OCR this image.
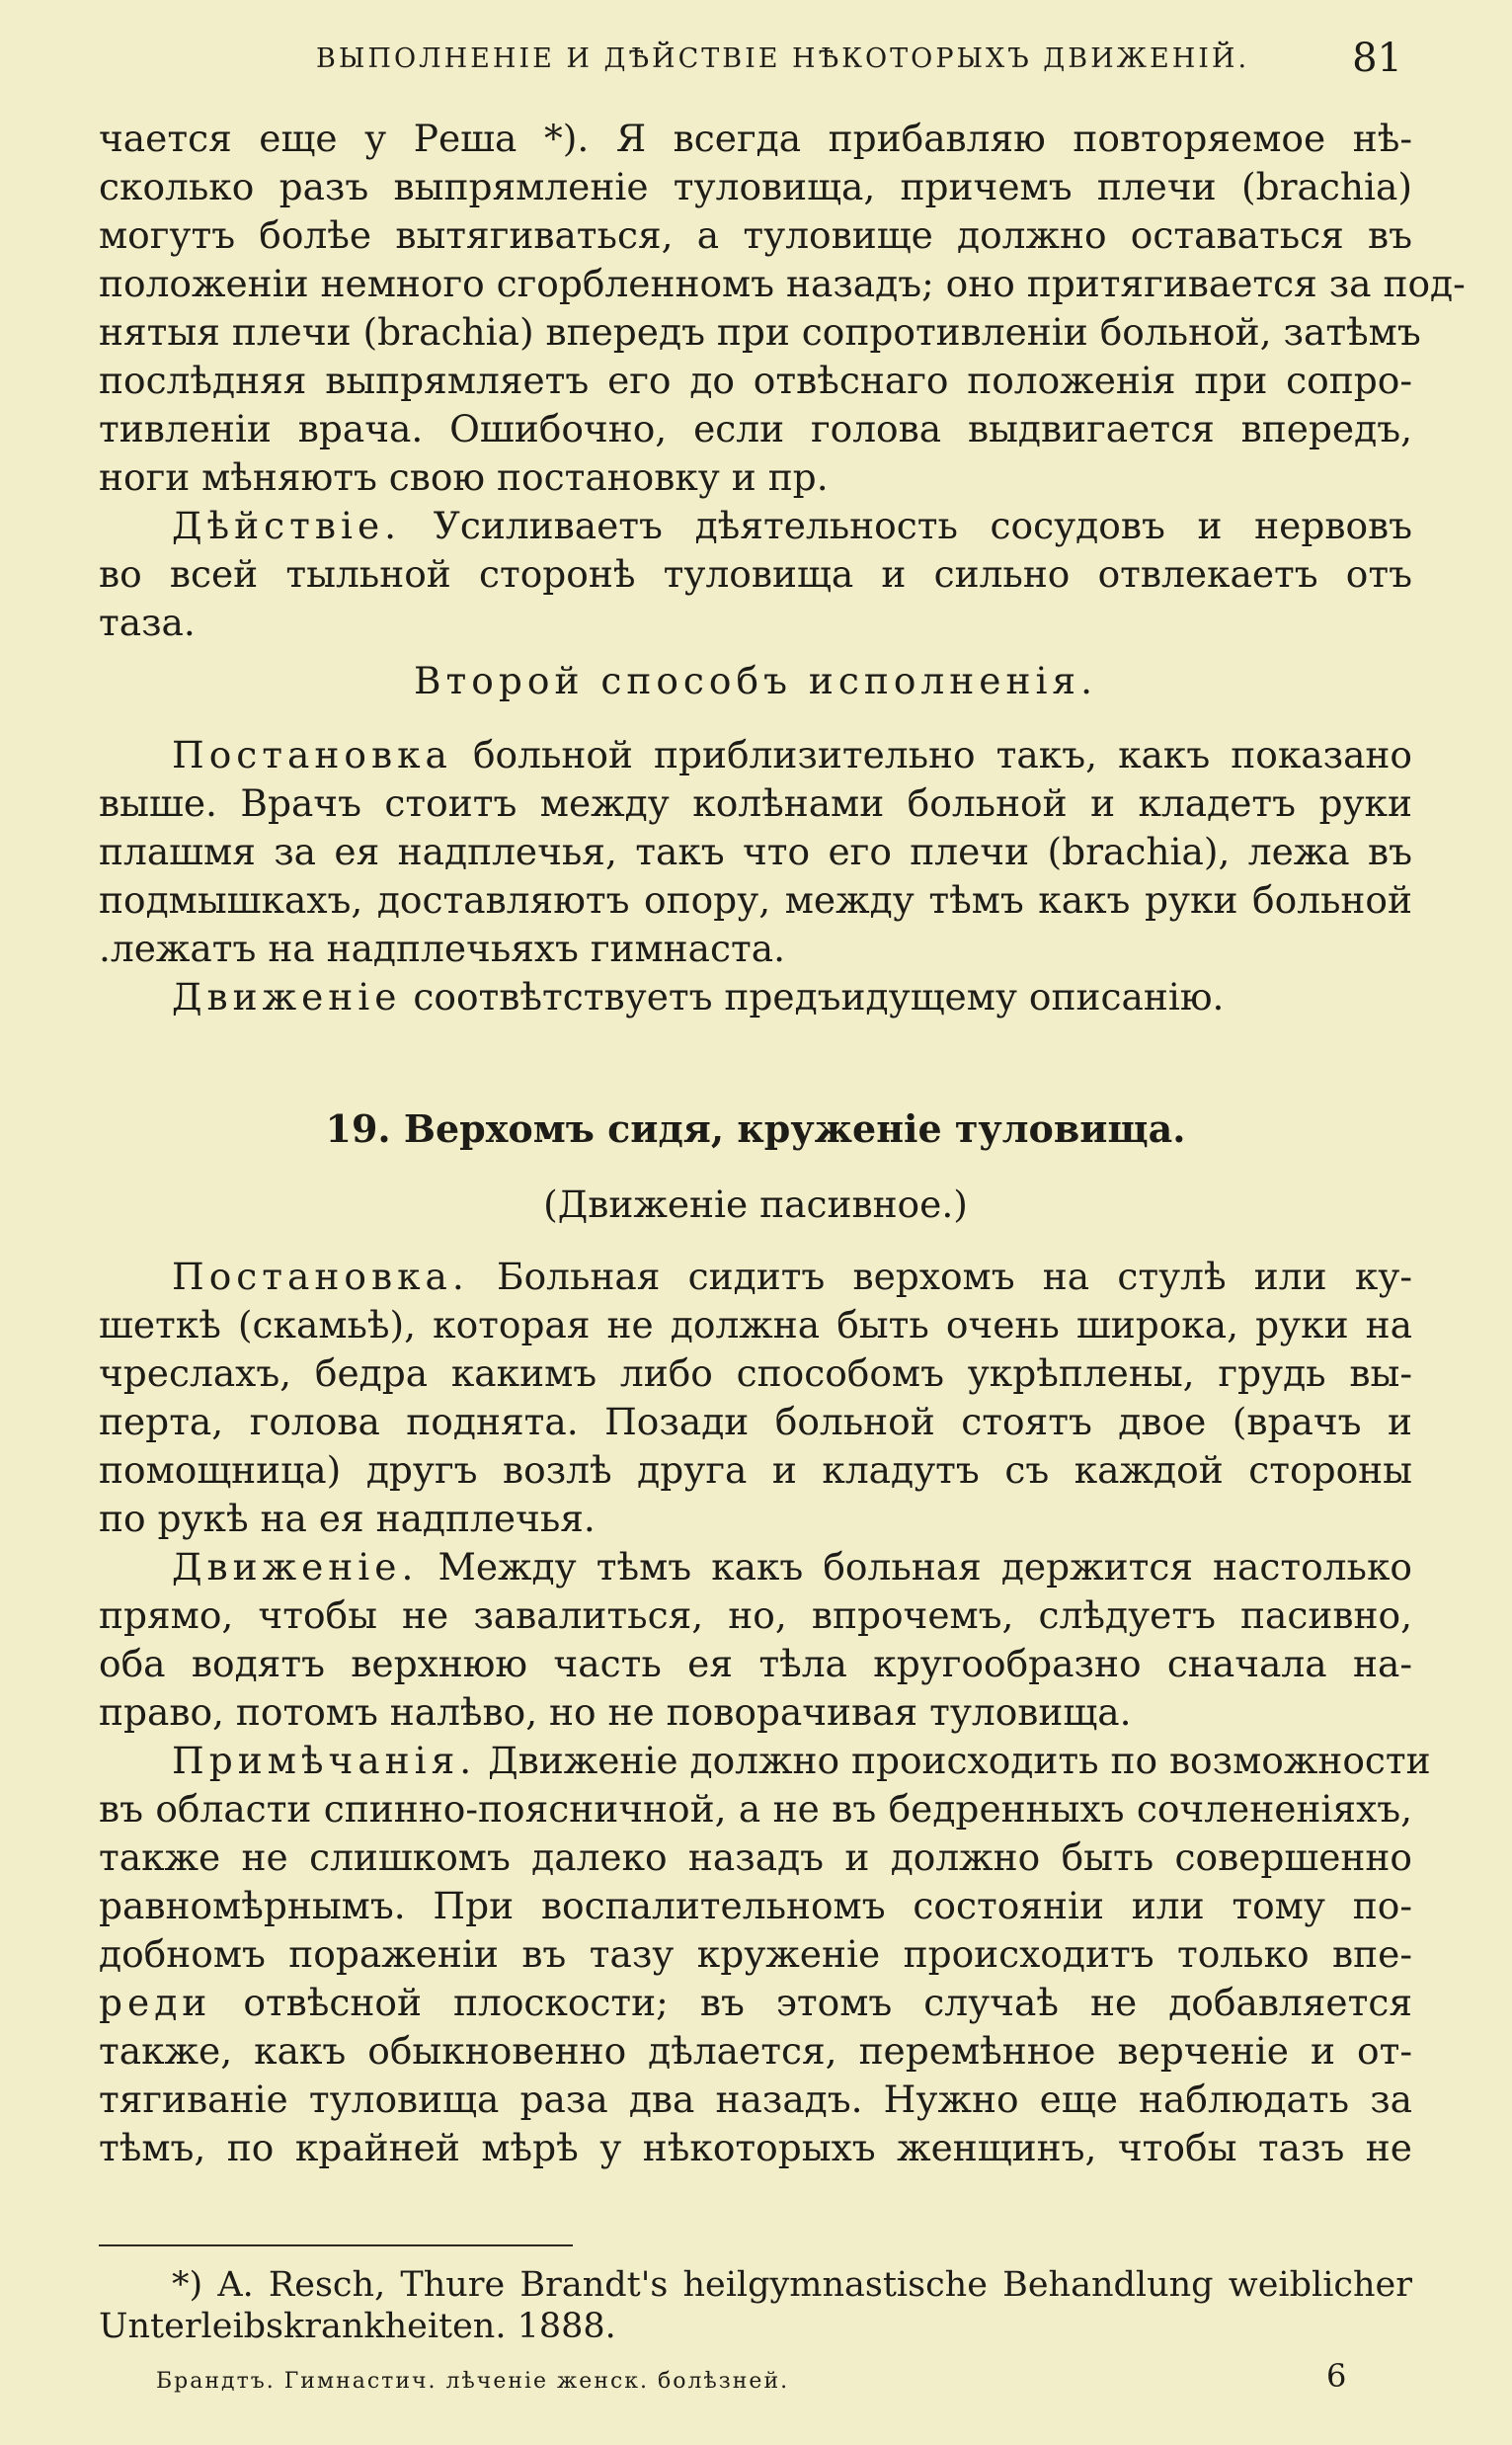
ВЫПОЛНЕНІЕ И ДѢЙСТВІЕ НѢКОТОРЫХЪ ДВИЖЕНІЙ.	81
чается еще у Реша *). Я всегда прибавляю повторяемое нѣ-
сколько разъ выпрямленіе туловища, причемъ плечи (brachia)
могутъ болѣе вытягиваться, а туловище должно оставаться въ
положеніи немного сгорбленномъ назадъ; оно притягивается за под-
нятыя плечи (brachia) впередъ при сопротивленіи больной, затѣмъ
послѣдняя выпрямляетъ его до отвѣснаго положенія при сопро-
тивленіи врача. Ошибочно, если голова выдвигается впередъ,
ноги мѣняютъ свою постановку и пр.
Дѣйствіе. Усиливаетъ дѣятельность сосудовъ и нервовъ
во всей тыльной сторонѣ туловища и сильно отвлекаетъ отъ
таза.
Второй способъ исполненія.
Постановка больной приблизительно такъ, какъ показано
выше. Врачъ стоитъ между колѣнами больной и кладетъ руки
плашмя за ея надплечья, такъ что его плечи (brachia), лежа въ
подмышкахъ, доставляютъ опору, между тѣмъ какъ руки больной
.лежатъ на надплечьяхъ гимнаста.
Движеніе соотвѣтствуетъ предъидущему описанію.
19. Верхомъ сидя, круженіе туловища.
(Движеніе пасивное.)
Постановка. Больная сидитъ верхомъ на стулѣ или ку-
шеткѣ (скамьѣ), которая не должна быть очень широка, руки на
чреслахъ, бедра какимъ либо способомъ укрѣплены, грудь вы-
перта, голова поднята. Позади больной стоятъ двое (врачъ и
помощница) другъ возлѣ друга и кладутъ съ каждой стороны
по рукѣ на ея надплечья.
Движеніе. Между тѣмъ какъ больная держится настолько
прямо, чтобы не завалиться, но, впрочемъ, слѣдуетъ пасивно,
оба водятъ верхнюю часть ея тѣла кругообразно сначала на-
право, потомъ налѣво, но не поворачивая туловища.
Примѣчанія. Движеніе должно происходить по возможности
въ области спинно-поясничной, а не въ бедренныхъ сочлененіяхъ,
также не слишкомъ далеко назадъ и должно быть совершенно
равномѣрнымъ. При воспалительномъ состояніи или тому по-
добномъ пораженіи въ тазу круженіе происходитъ только впе-
реди отвѣсной плоскости; въ этомъ случаѣ не добавляется
также, какъ обыкновенно дѣлается, перемѣнное верченіе и от-
тягиваніе туловища раза два назадъ. Нужно еще наблюдать за
тѣмъ, по крайней мѣрѣ у нѣкоторыхъ женщинъ, чтобы тазъ не
*) A. Resch, Thure Brandt's heilgymnastische Behandlung weiblicher
Unterleibskrankheiten. 1888.
Брандтъ. Гимнастич. лѣченіе женск. болѣзней.	6
